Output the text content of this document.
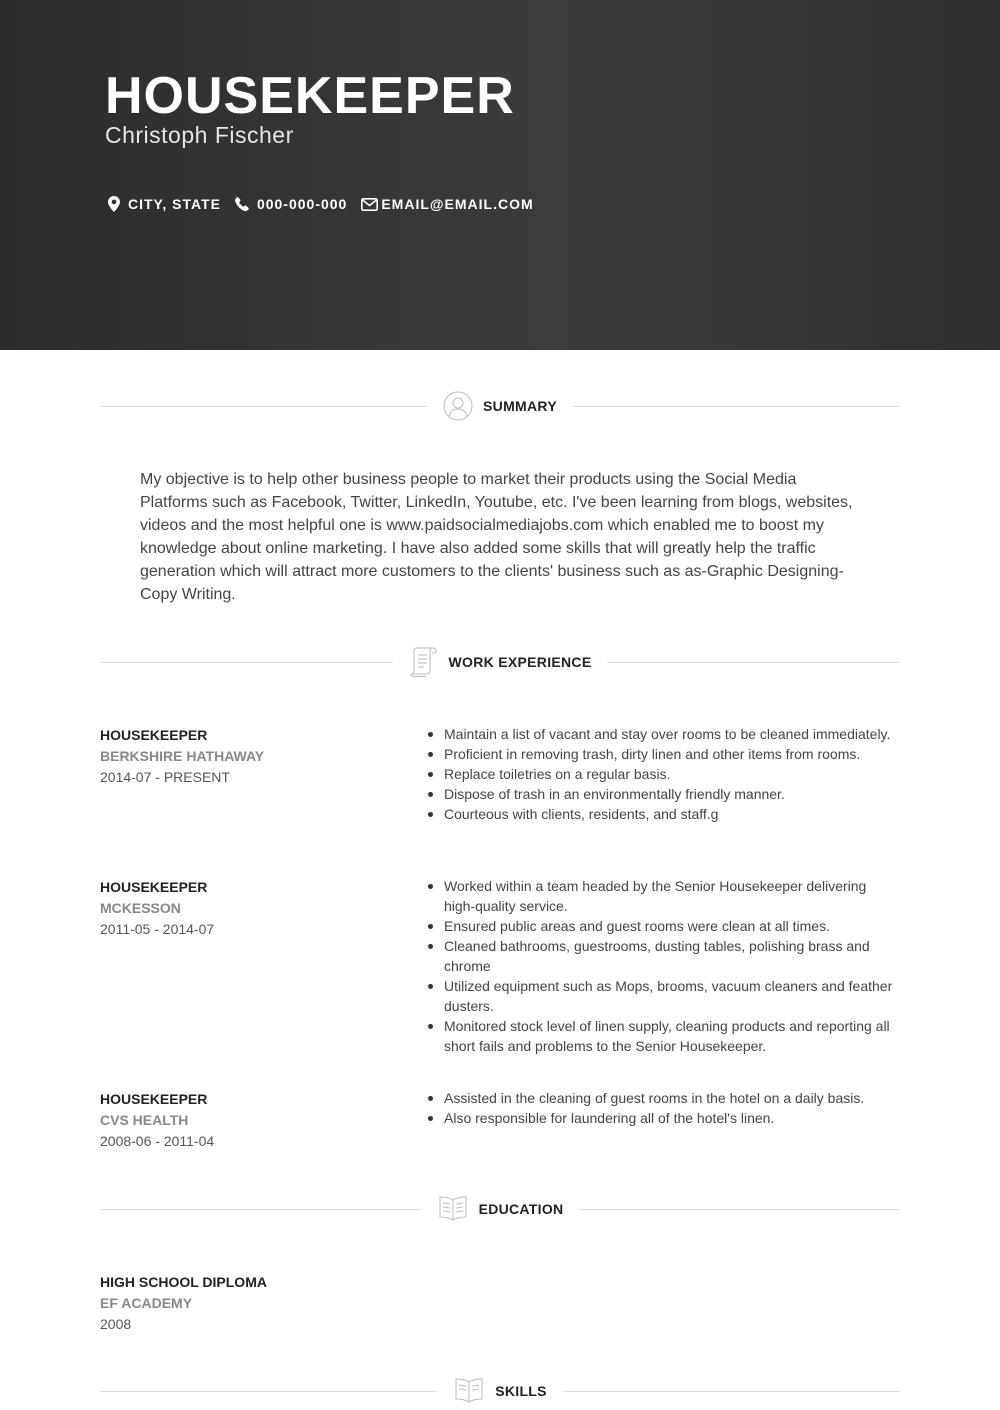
HOUSEKEEPER
Christoph Fischer
CITY, STATE	000-000-000 EMAIL@EMAIL.COM
SUMMARY
My objective is to help other business people to market their products using the Social Media Platforms such as Facebook, Twitter, LinkedIn, Youtube, etc. I've been learning from blogs, websites, videos and the most helpful one is www.paidsocialmediajobs.com which enabled me to boost my knowledge about online marketing. I have also added some skills that will greatly help the traffic generation which will attract more customers to the clients' business such as as-Graphic Designing-Copy Writing.
WORK EXPERIENCE
HOUSEKEEPER
BERKSHIRE HATHAWAY
2014-07 - PRESENT
Maintain a list of vacant and stay over rooms to be cleaned immediately.
Proficient in removing trash, dirty linen and other items from rooms.
Replace toiletries on a regular basis.
Dispose of trash in an environmentally friendly manner.
Courteous with clients, residents, and staff.g
HOUSEKEEPER
MCKESSON
2011-05 - 2014-07
Worked within a team headed by the Senior Housekeeper delivering high-quality service.
Ensured public areas and guest rooms were clean at all times.
Cleaned bathrooms, guestrooms, dusting tables, polishing brass and chrome
Utilized equipment such as Mops, brooms, vacuum cleaners and feather dusters.
Monitored stock level of linen supply, cleaning products and reporting all short fails and problems to the Senior Housekeeper.
HOUSEKEEPER
CVS HEALTH
2008-06 - 2011-04
Assisted in the cleaning of guest rooms in the hotel on a daily basis.
Also responsible for laundering all of the hotel's linen.
EDUCATION
HIGH SCHOOL DIPLOMA
EF ACADEMY
2008
SKILLS
